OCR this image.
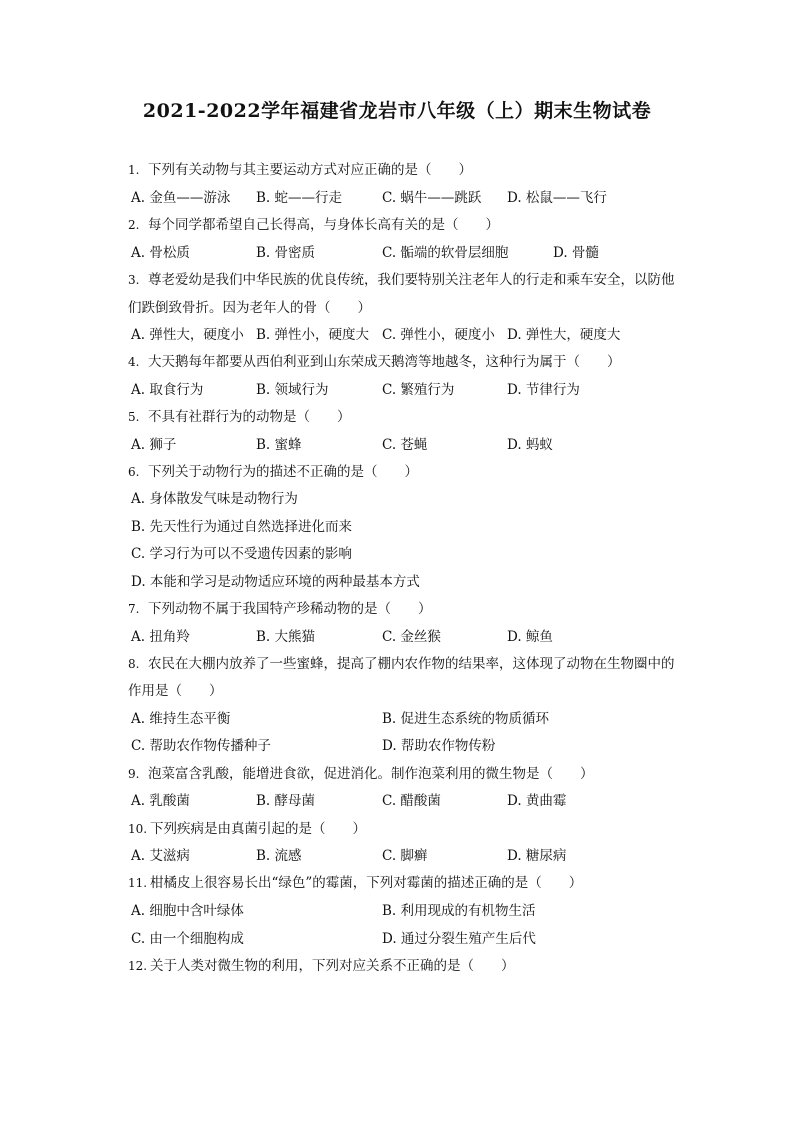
2021-2022学年福建省龙岩市八年级（上）期末生物试卷
1. 下列有关动物与其主要运动方式对应正确的是（　　）
A. 金鱼——游泳 B. 蛇——行走	C. 蜗牛——跳跃 D. 松鼠——飞行
2. 每个同学都希望自己长得高，与身体长高有关的是（　　）
A. 骨松质	B. 骨密质	C. 骺端的软骨层细胞	D. 骨髓
3. 尊老爱幼是我们中华民族的优良传统，我们要特别关注老年人的行走和乘车安全，以防他
们跌倒致骨折。因为老年人的骨（　　）
A. 弹性大，硬度小 B. 弹性小，硬度大 C. 弹性小，硬度小 D. 弹性大，硬度大
4. 大天鹅每年都要从西伯利亚到山东荣成天鹅湾等地越冬，这种行为属于（　　）
A. 取食行为	B. 领域行为	C. 繁殖行为	D. 节律行为
5. 不具有社群行为的动物是（　　）
A. 狮子	B. 蜜蜂	C. 苍蝇	D. 蚂蚁
6. 下列关于动物行为的描述不正确的是（　　）
A. 身体散发气味是动物行为
B. 先天性行为通过自然选择进化而来
C. 学习行为可以不受遗传因素的影响
D. 本能和学习是动物适应环境的两种最基本方式
7. 下列动物不属于我国特产珍稀动物的是（　　）
A. 扭角羚	B. 大熊猫	C. 金丝猴	D. 鲸鱼
8. 农民在大棚内放养了一些蜜蜂，提高了棚内农作物的结果率，这体现了动物在生物圈中的
作用是（　　）
A. 维持生态平衡	B. 促进生态系统的物质循环
C. 帮助农作物传播种子	D. 帮助农作物传粉
9. 泡菜富含乳酸，能增进食欲，促进消化。制作泡菜利用的微生物是（　　）
A. 乳酸菌	B. 酵母菌	C. 醋酸菌	D. 黄曲霉
10. 下列疾病是由真菌引起的是（　　）
A. 艾滋病	B. 流感	C. 脚癣	D. 糖尿病
11. 柑橘皮上很容易长出“绿色”的霉菌，下列对霉菌的描述正确的是（　　）
A. 细胞中含叶绿体	B. 利用现成的有机物生活
C. 由一个细胞构成	D. 通过分裂生殖产生后代
12. 关于人类对微生物的利用，下列对应关系不正确的是（　　）
